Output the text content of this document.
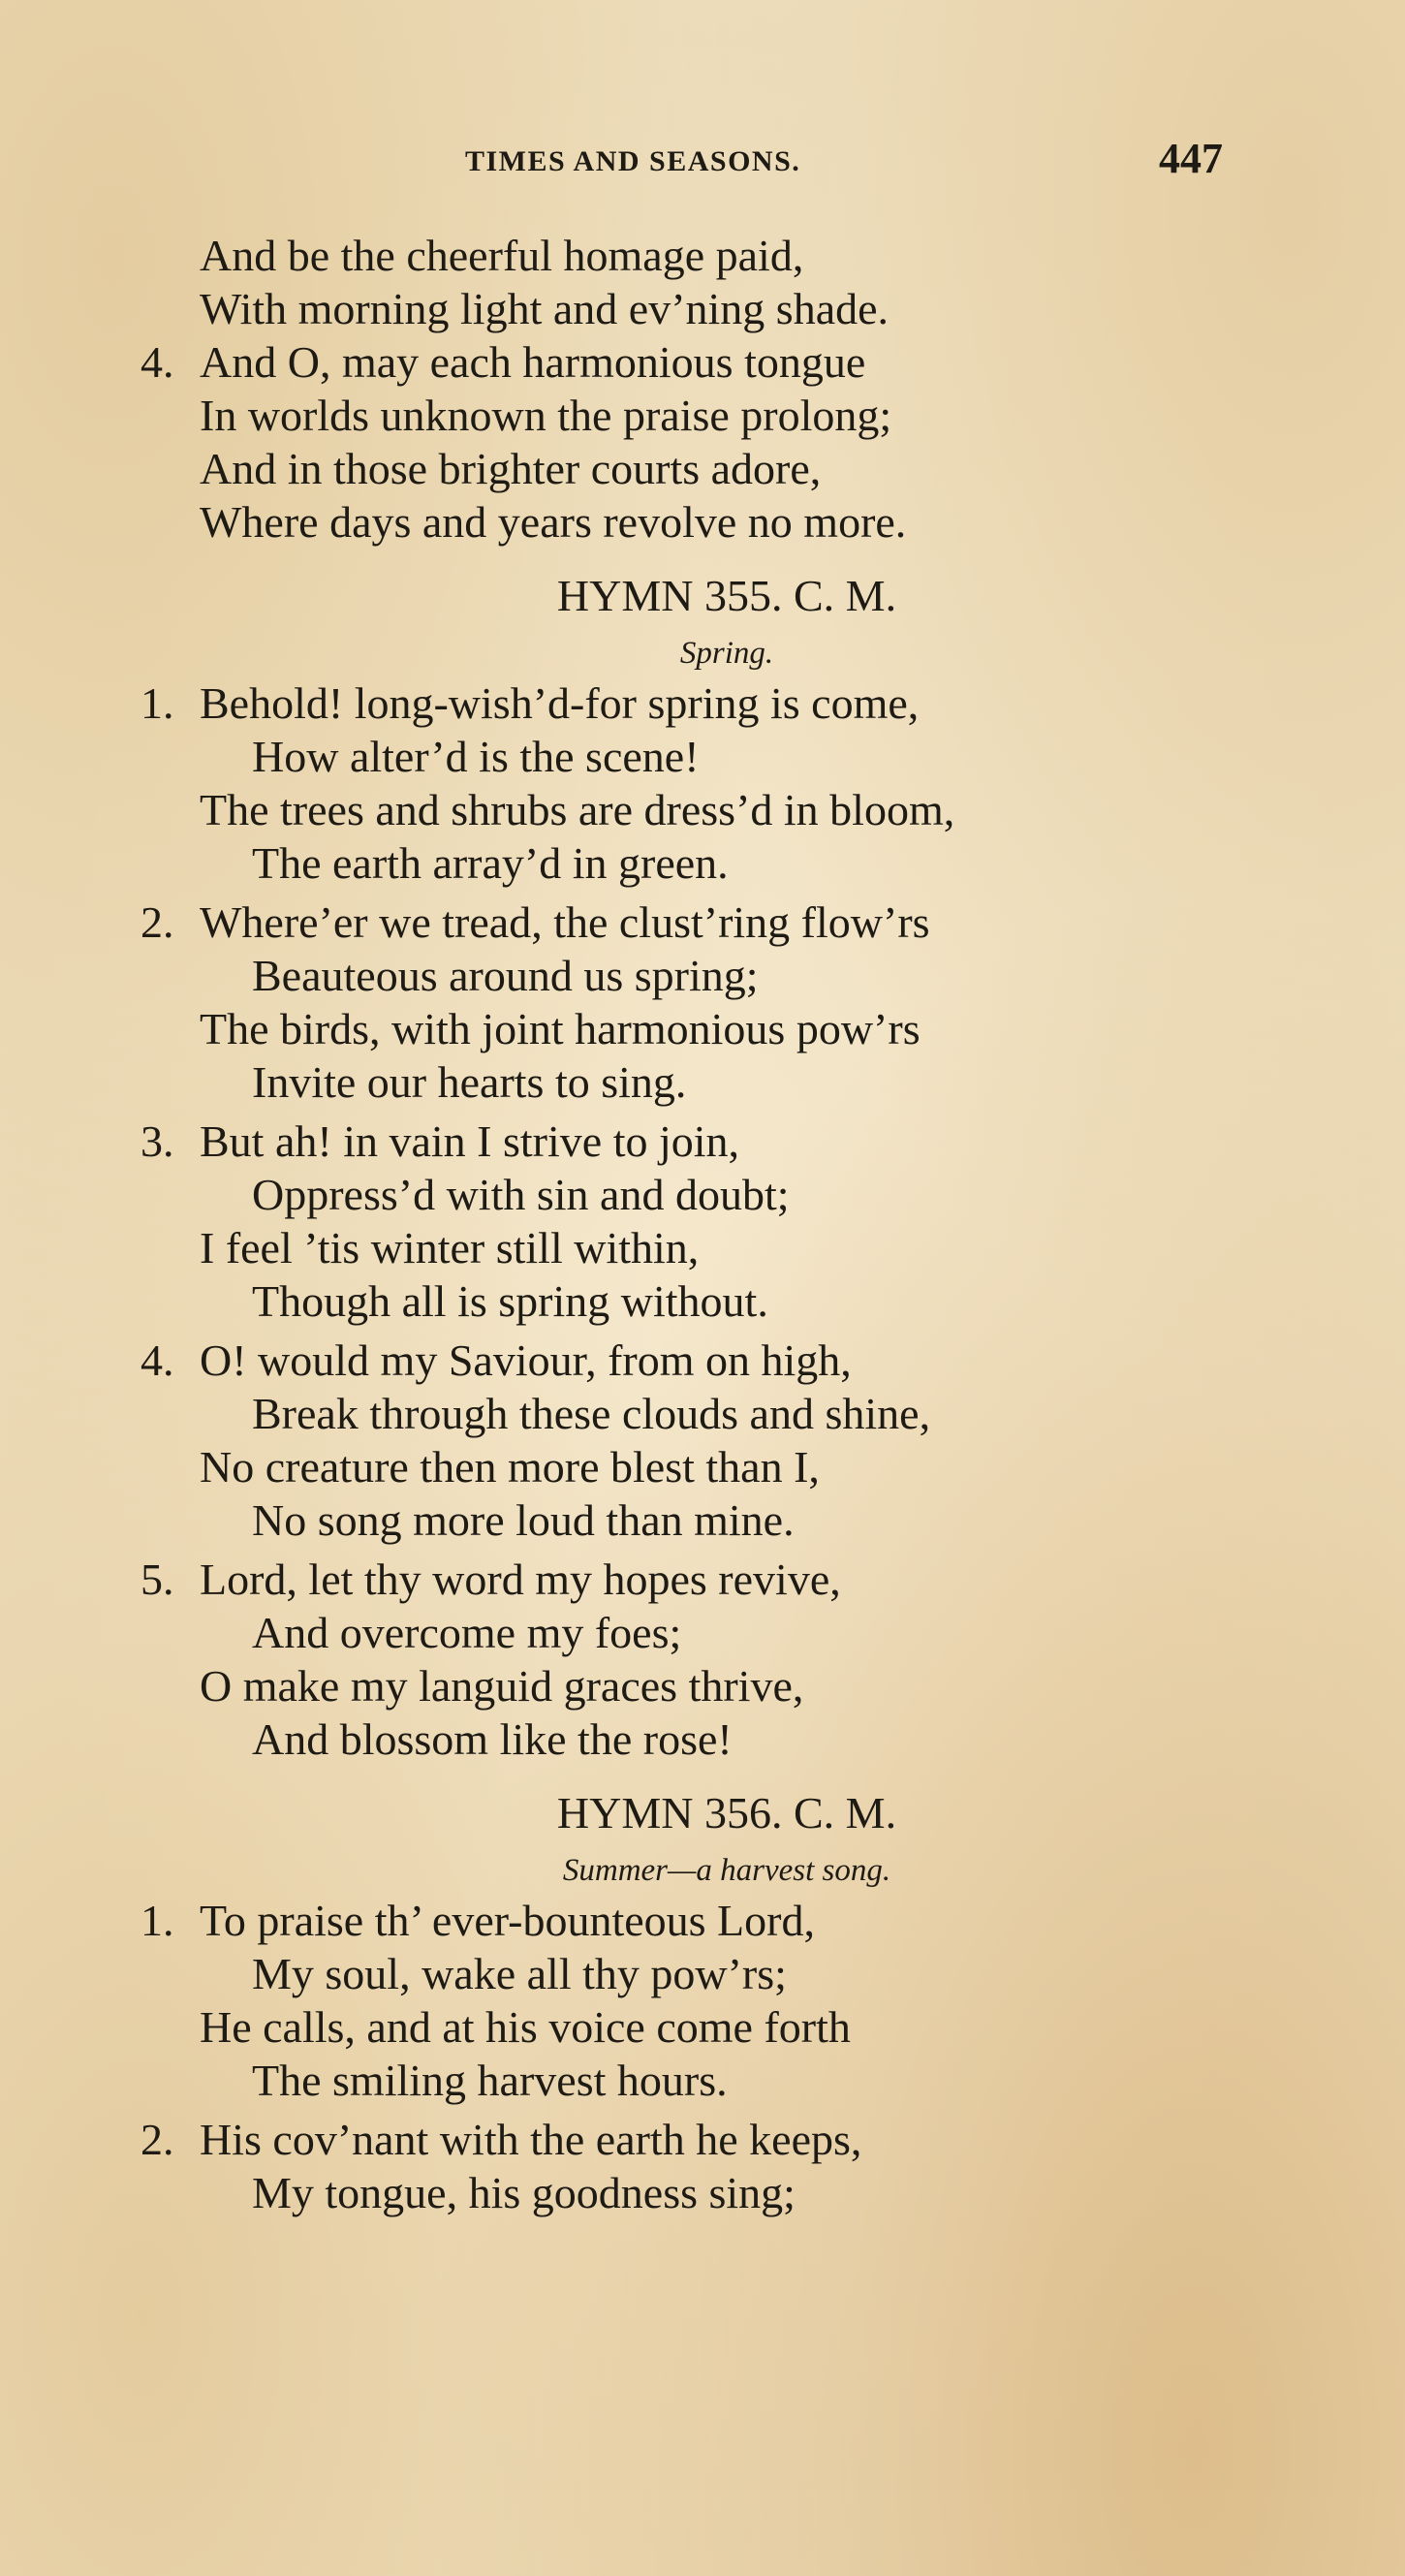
TIMES AND SEASONS.	447
And be the cheerful homage paid,
With morning light and ev’ning shade.
4. And O, may each harmonious tongue
In worlds unknown the praise prolong;
And in those brighter courts adore,
Where days and years revolve no more.
HYMN 355. C. M.
Spring.
1. Behold! long-wish’d-for spring is come,
How alter’d is the scene!
The trees and shrubs are dress’d in bloom,
The earth array’d in green.
2. Where’er we tread, the clust’ring flow’rs
Beauteous around us spring;
The birds, with joint harmonious pow’rs
Invite our hearts to sing.
3. But ah! in vain I strive to join,
Oppress’d with sin and doubt;
I feel ’tis winter still within,
Though all is spring without.
4. O! would my Saviour, from on high,
Break through these clouds and shine,
No creature then more blest than I,
No song more loud than mine.
5. Lord, let thy word my hopes revive,
And overcome my foes;
O make my languid graces thrive,
And blossom like the rose!
HYMN 356. C. M.
Summer—a harvest song.
1. To praise th’ ever-bounteous Lord,
My soul, wake all thy pow’rs;
He calls, and at his voice come forth
The smiling harvest hours.
2. His cov’nant with the earth he keeps,
My tongue, his goodness sing;
